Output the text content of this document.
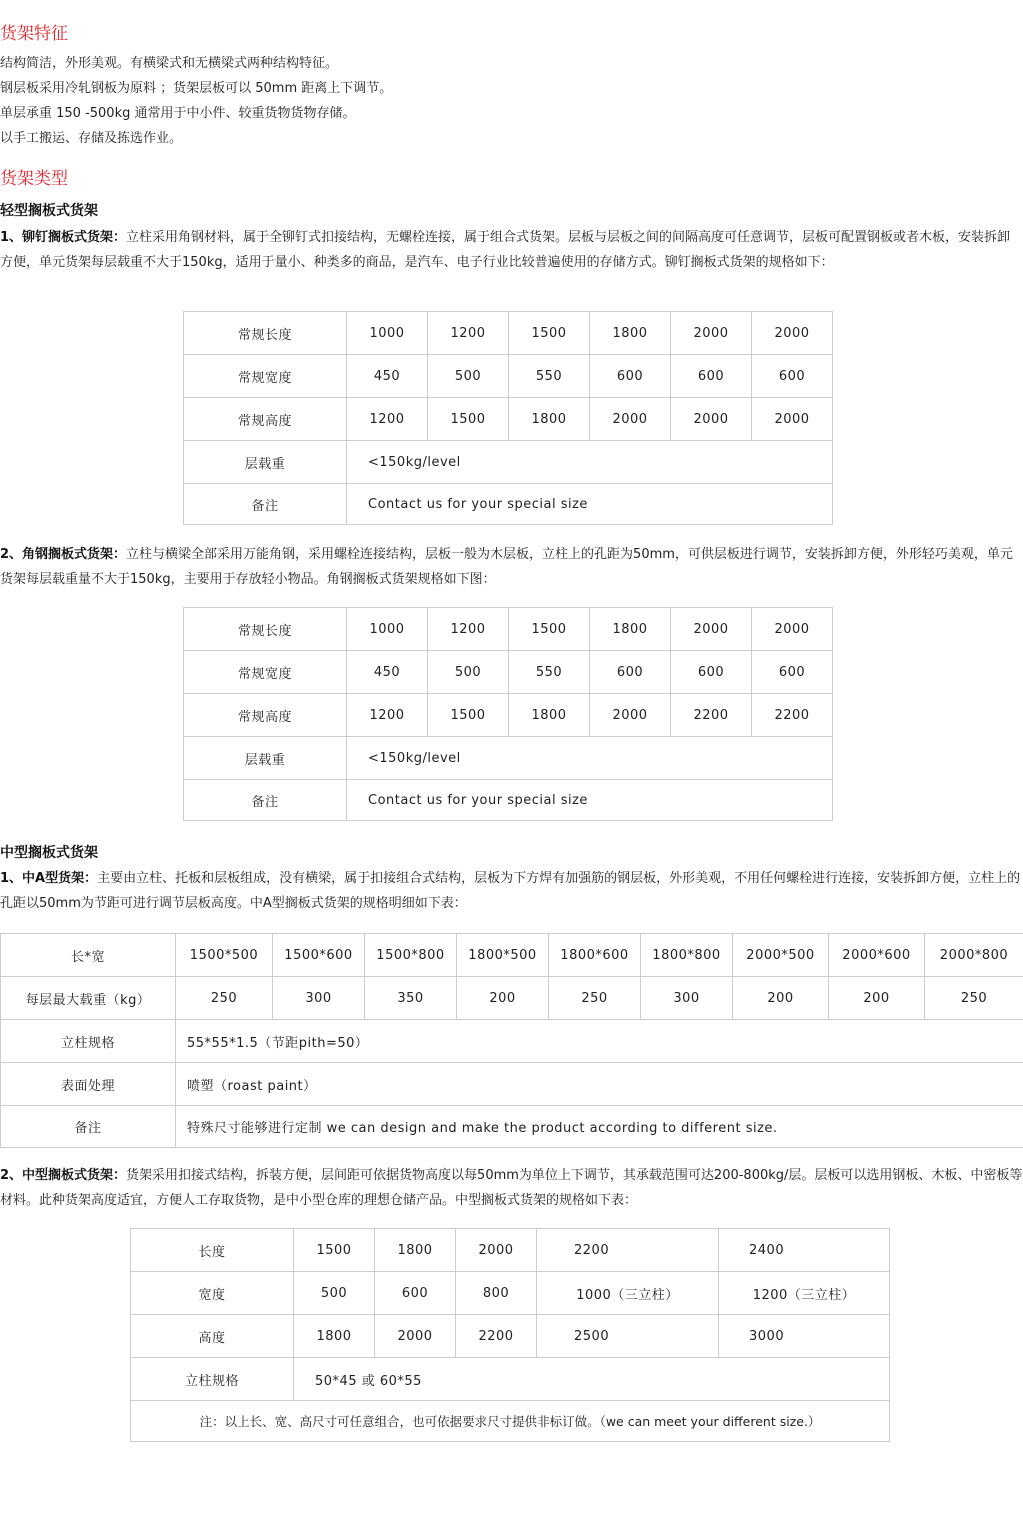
货架特征

结构简洁，外形美观。有横梁式和无横梁式两种结构特征。

钢层板采用冷轧钢板为原料 ；货架层板可以 50mm 距离上下调节。

单层承重 150 -500kg 通常用于中小件、较重货物货物存储。

以手工搬运、存储及拣选作业。

货架类型
轻型搁板式货架

1、铆钉搁板式货架：立柱采用角钢材料，属于全铆钉式扣接结构，无螺栓连接，属于组合式货架。层板与层板之间的间隔高度可任意调节，层板可配置钢板或者木板，安装拆卸方便，单元货架每层载重不大于150kg，适用于量小、种类多的商品，是汽车、电子行业比较普遍使用的存储方式。铆钉搁板式货架的规格如下：

常规长度	1000	1200	1500	1800	2000	2000
常规宽度	450	500	550	600	600	600
常规高度	1200	1500	1800	2000	2000	2000
层载重	<150kg/level					
备注	Contact us for your special size					

2、角钢搁板式货架：立柱与横梁全部采用万能角钢，采用螺栓连接结构，层板一般为木层板，立柱上的孔距为50mm，可供层板进行调节，安装拆卸方便，外形轻巧美观，单元货架每层载重量不大于150kg，主要用于存放轻小物品。角钢搁板式货架规格如下图：

常规长度	1000	1200	1500	1800	2000	2000
常规宽度	450	500	550	600	600	600
常规高度	1200	1500	1800	2000	2200	2200
层载重	<150kg/level					
备注	Contact us for your special size					
中型搁板式货架

1、中A型货架：主要由立柱、托板和层板组成，没有横梁，属于扣接组合式结构，层板为下方焊有加强筋的钢层板，外形美观，不用任何螺栓进行连接，安装拆卸方便，立柱上的孔距以50mm为节距可进行调节层板高度。中A型搁板式货架的规格明细如下表：

长*宽	1500*500	1500*600	1500*800	1800*500	1800*600	1800*800	2000*500	2000*600	2000*800
每层最大载重（kg）	250	300	350	200	250	300	200	200	250
立柱规格	55*55*1.5（节距pith=50）								
表面处理	喷塑（roast paint）								
备注	特殊尺寸能够进行定制 we can design and make the product according to different size.								

2、中型搁板式货架：货架采用扣接式结构，拆装方便，层间距可依据货物高度以每50mm为单位上下调节，其承载范围可达200-800kg/层。层板可以选用钢板、木板、中密板等材料。此种货架高度适宜，方便人工存取货物，是中小型仓库的理想仓储产品。中型搁板式货架的规格如下表：

长度	1500	1800	2000	2200	2400
宽度	500	600	800	1000（三立柱）	1200（三立柱）
高度	1800	2000	2200	2500	3000
立柱规格	50*45 或 60*55				
注：以上长、宽、高尺寸可任意组合，也可依据要求尺寸提供非标订做。（we can meet your different size.）					
